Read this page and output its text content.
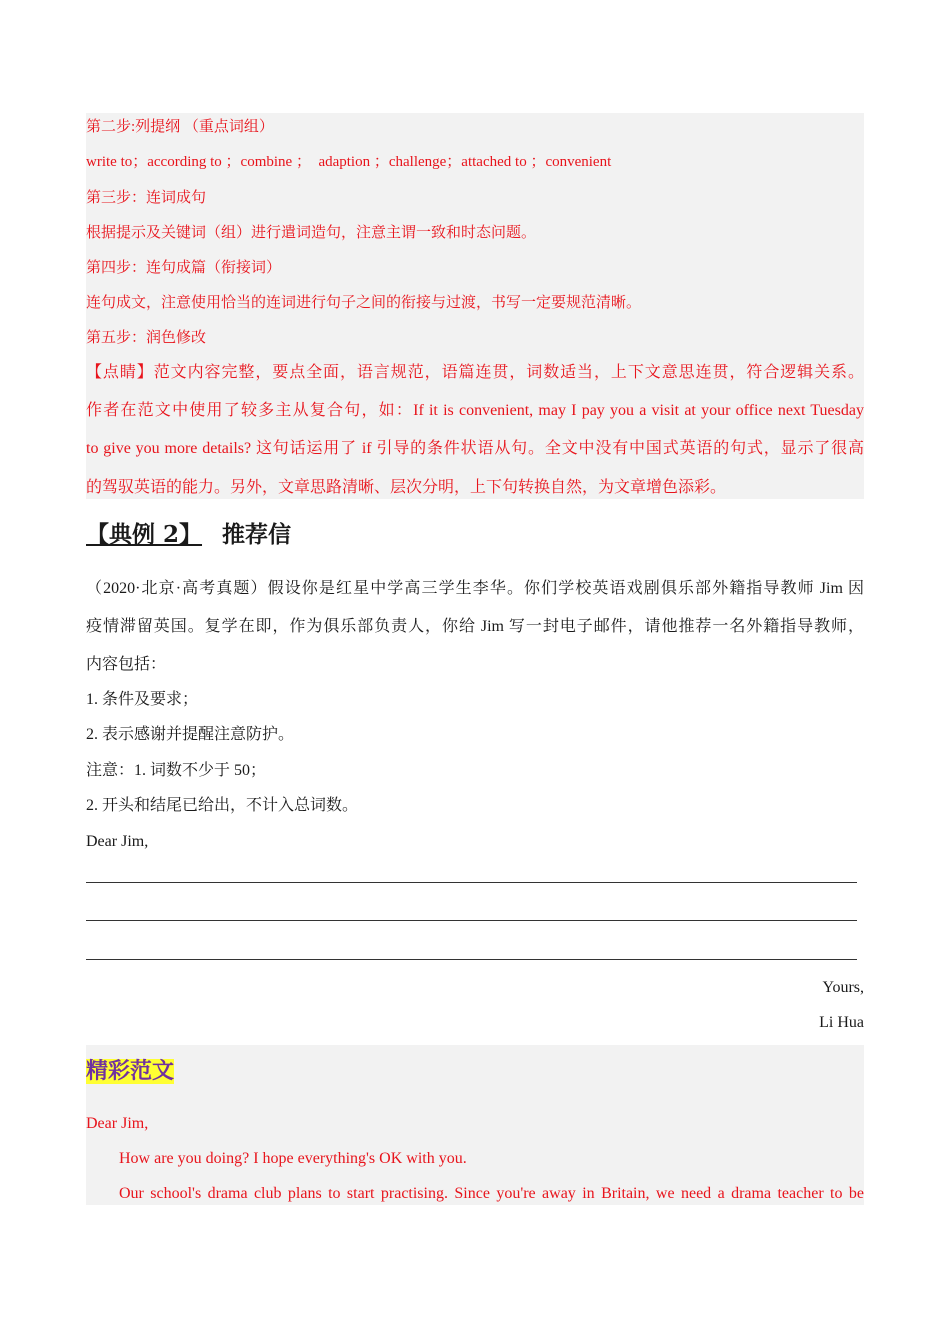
第二步:列提纲 （重点词组）
write to；according to ；combine ；  adaption ；challenge；attached to ；convenient
第三步：连词成句
根据提示及关键词（组）进行遣词造句，注意主谓一致和时态问题。
第四步：连句成篇（衔接词）
连句成文，注意使用恰当的连词进行句子之间的衔接与过渡，书写一定要规范清晰。
第五步：润色修改
【点睛】范文内容完整，要点全面，语言规范，语篇连贯，词数适当，上下文意思连贯，符合逻辑关系。
作者在范文中使用了较多主从复合句，如：If it is convenient, may I pay you a visit at your office next Tuesday
to give you more details? 这句话运用了 if 引导的条件状语从句。全文中没有中国式英语的句式，显示了很高
的驾驭英语的能力。另外，文章思路清晰、层次分明，上下句转换自然，为文章增色添彩。
【典例 2】 推荐信
（2020·北京·高考真题）假设你是红星中学高三学生李华。你们学校英语戏剧俱乐部外籍指导教师 Jim 因
疫情滞留英国。复学在即，作为俱乐部负责人，你给 Jim 写一封电子邮件，请他推荐一名外籍指导教师，
内容包括：
1. 条件及要求；
2. 表示感谢并提醒注意防护。
注意：1. 词数不少于 50；
2. 开头和结尾已给出，不计入总词数。
Dear Jim,
Yours,
Li Hua
精彩范文
Dear Jim,
How are you doing? I hope everything's OK with you.
Our school's drama club plans to start practising. Since you're away in Britain, we need a drama teacher to be
